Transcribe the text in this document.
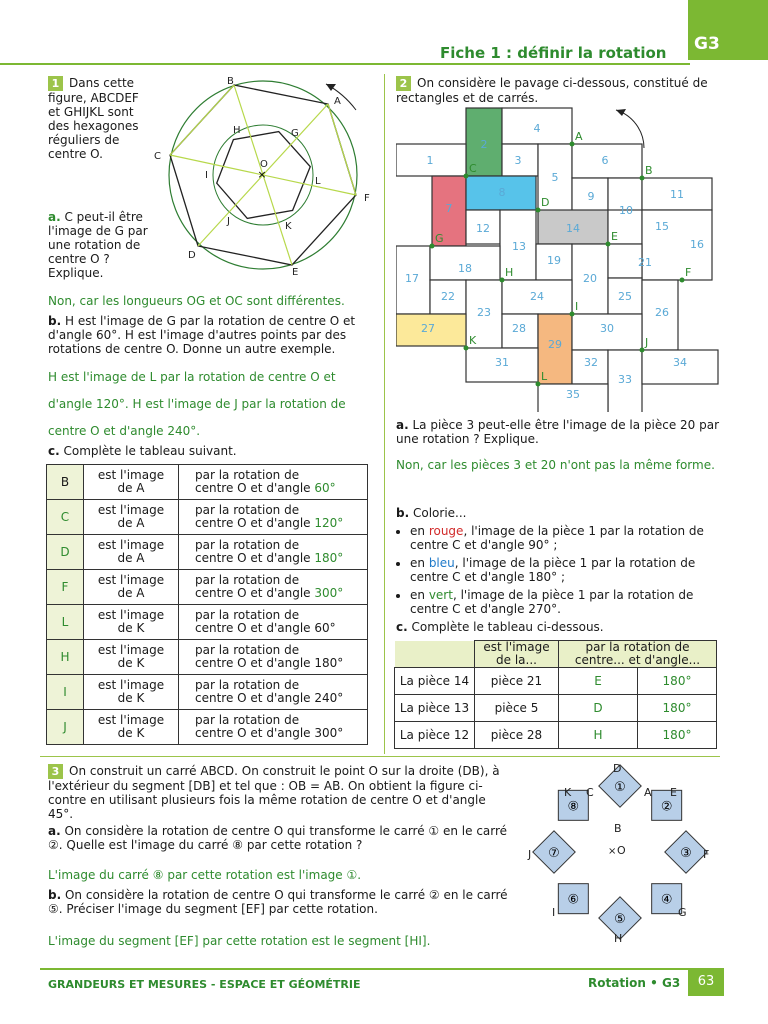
Fiche 1 : définir la rotation	G3

1 Dans cette figure, ABCDEF et GHIJKL sont des hexagones réguliers de centre O.

a. C peut-il être l'image de G par une rotation de centre O ? Explique.

Non, car les longueurs OG et OC sont différentes.

b. H est l'image de G par la rotation de centre O et d'angle 60°. H est l'image d'autres points par des rotations de centre O. Donne un autre exemple.

H est l'image de L par la rotation de centre O et
d'angle 120°. H est l'image de J par la rotation de
centre O et d'angle 240°.
c. Complète le tableau suivant.
B	est l'image
de A	par la rotation de
centre O et d'angle 60°
C	est l'image
de A	par la rotation de
centre O et d'angle 120°
D	est l'image
de A	par la rotation de
centre O et d'angle 180°
F	est l'image
de A	par la rotation de
centre O et d'angle 300°
L	est l'image
de K	par la rotation de
centre O et d'angle 60°
H	est l'image
de K	par la rotation de
centre O et d'angle 180°
I	est l'image
de K	par la rotation de
centre O et d'angle 240°
J	est l'image
de K	par la rotation de
centre O et d'angle 300°
×
A
B
C
D
E
F
G
H
I
J	K
L
O

2 On considère le pavage ci-dessous, constitué de rectangles et de carrés.

1
2
3
4
5
6
7
8	9
10
11
12
13
14	15
16
17
18
19
20
21
22
23
24	25
26
27	28
29
30
31	32
33
34
35
A
B
C
D
E
F
G
H
I
J
K
L

a. La pièce 3 peut-elle être l'image de la pièce 20 par une rotation ? Explique.

Non, car les pièces 3 et 20 n'ont pas la même forme.

b. Colorie...

• en rouge, l'image de la pièce 1 par la rotation de centre C et d'angle 90° ;
• en bleu, l'image de la pièce 1 par la rotation de centre C et d'angle 180° ;
• en vert, l'image de la pièce 1 par la rotation de centre C et d'angle 270°.
c. Complète le tableau ci-dessous.
	est l'image de la...	par la rotation de centre... et d'angle...	
La pièce 14	pièce 21	E	180°
La pièce 13	pièce 5	D	180°
La pièce 12	pièce 28	H	180°

3 On construit un carré ABCD. On construit le point O sur la droite (DB), à l'extérieur du segment [DB] et tel que : OB = AB. On obtient la figure ci-contre en utilisant plusieurs fois la même rotation de centre O et d'angle 45°.

a. On considère la rotation de centre O qui transforme le carré ① en le carré ②. Quelle est l'image du carré ⑧ par cette rotation ?

L'image du carré ⑧ par cette rotation est l'image ①.

b. On considère la rotation de centre O qui transforme le carré ② en le carré ⑤. Préciser l'image du segment [EF] par cette rotation.

L'image du segment [EF] par cette rotation est le segment [HI].
①
②
③
④
⑤
⑥
⑦
⑧
D
K C	A E
B
J	O	F
I	G
H
×
GRANDEURS ET MESURES - ESPACE ET GÉOMÉTRIE	Rotation • G3	63
